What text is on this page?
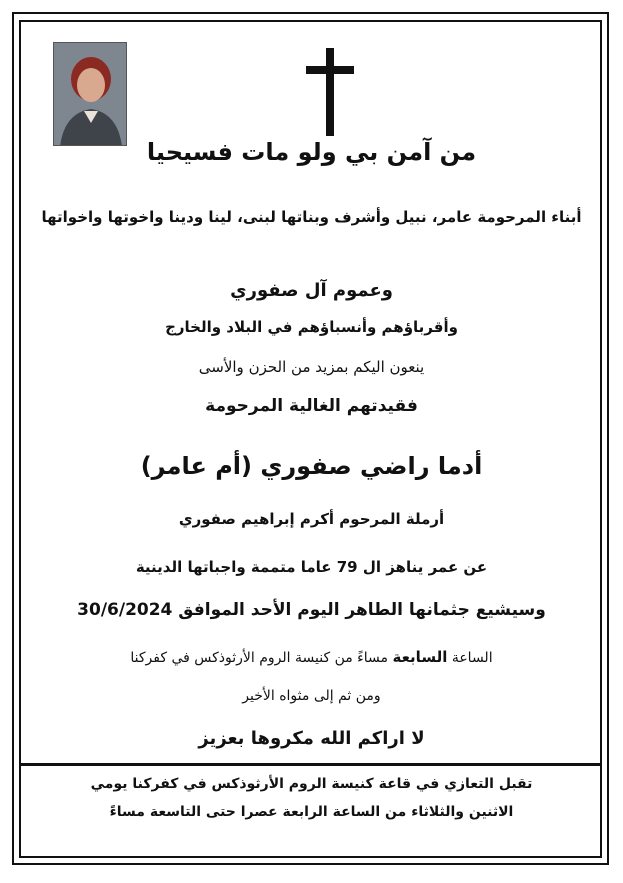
من آمن بي ولو مات فسيحيا
أبناء المرحومة عامر، نبيل وأشرف وبناتها لبنى، لينا ودينا واخوتها واخواتها
وعموم آل صفوري
وأقرباؤهم وأنسباؤهم في البلاد والخارج
ينعون اليكم بمزيد من الحزن والأسى
فقيدتهم الغالية المرحومة
أدما راضي صفوري (أم عامر)
أرملة المرحوم أكرم إبراهيم صفوري
عن عمر يناهز ال 79 عاما متممة واجباتها الدينية
وسيشيع جثمانها الطاهر اليوم الأحد الموافق 30/6/2024
الساعة السابعة مساءً من كنيسة الروم الأرثوذكس في كفركنا
ومن ثم إلى مثواه الأخير
لا اراكم الله مكروها بعزيز
تقبل التعازي في قاعة كنيسة الروم الأرثوذكس في كفركنا يومي
الاثنين والثلاثاء من الساعة الرابعة عصرا حتى التاسعة مساءً
